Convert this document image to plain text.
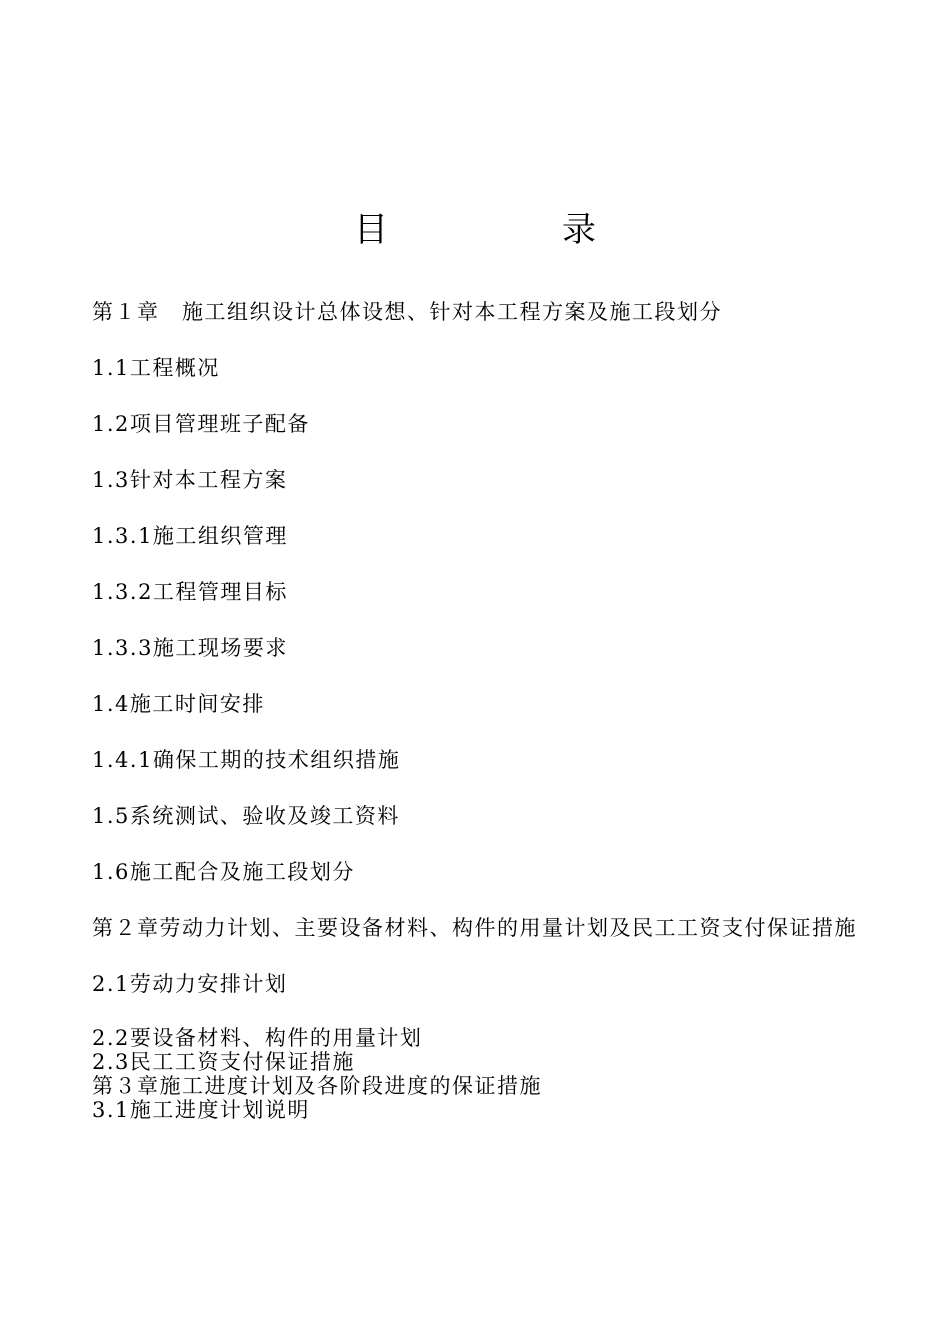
目　录
第１章　施工组织设计总体设想、针对本工程方案及施工段划分
1.1工程概况
1.2项目管理班子配备
1.3针对本工程方案
1.3.1施工组织管理
1.3.2工程管理目标
1.3.3施工现场要求
1.4施工时间安排
1.4.1确保工期的技术组织措施
1.5系统测试、验收及竣工资料
1.6施工配合及施工段划分
第２章劳动力计划、主要设备材料、构件的用量计划及民工工资支付保证措施
2.1劳动力安排计划
2.2要设备材料、构件的用量计划
2.3民工工资支付保证措施
第３章施工进度计划及各阶段进度的保证措施
3.1施工进度计划说明
